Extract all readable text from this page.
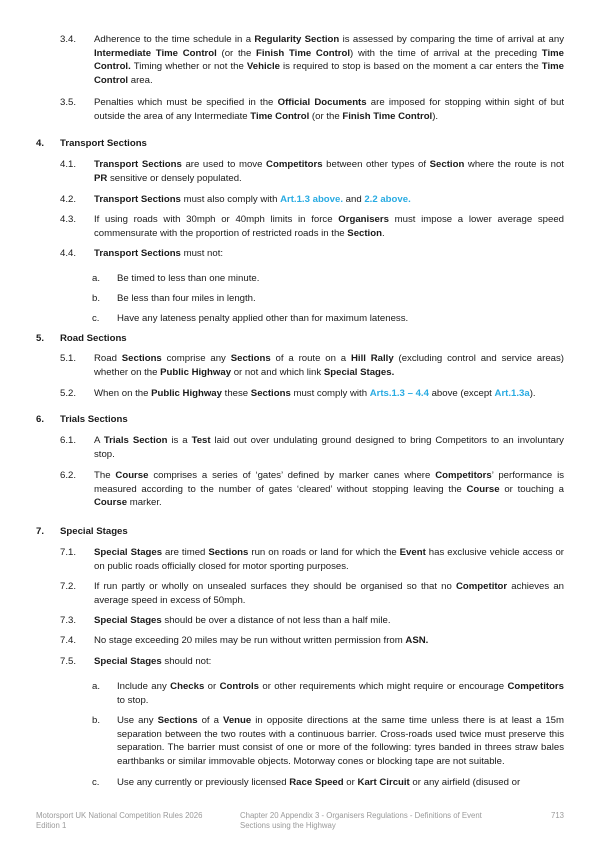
3.4. Adherence to the time schedule in a Regularity Section is assessed by comparing the time of arrival at any Intermediate Time Control (or the Finish Time Control) with the time of arrival at the preceding Time Control. Timing whether or not the Vehicle is required to stop is based on the moment a car enters the Time Control area.
3.5. Penalties which must be specified in the Official Documents are imposed for stopping within sight of but outside the area of any Intermediate Time Control (or the Finish Time Control).
4. Transport Sections
4.1. Transport Sections are used to move Competitors between other types of Section where the route is not PR sensitive or densely populated.
4.2. Transport Sections must also comply with Art.1.3 above. and 2.2 above.
4.3. If using roads with 30mph or 40mph limits in force Organisers must impose a lower average speed commensurate with the proportion of restricted roads in the Section.
4.4. Transport Sections must not:
a. Be timed to less than one minute.
b. Be less than four miles in length.
c. Have any lateness penalty applied other than for maximum lateness.
5. Road Sections
5.1. Road Sections comprise any Sections of a route on a Hill Rally (excluding control and service areas) whether on the Public Highway or not and which link Special Stages.
5.2. When on the Public Highway these Sections must comply with Arts.1.3 – 4.4 above (except Art.1.3a).
6. Trials Sections
6.1. A Trials Section is a Test laid out over undulating ground designed to bring Competitors to an involuntary stop.
6.2. The Course comprises a series of ‘gates’ defined by marker canes where Competitors’ performance is measured according to the number of gates ‘cleared’ without stopping leaving the Course or touching a Course marker.
7. Special Stages
7.1. Special Stages are timed Sections run on roads or land for which the Event has exclusive vehicle access or on public roads officially closed for motor sporting purposes.
7.2. If run partly or wholly on unsealed surfaces they should be organised so that no Competitor achieves an average speed in excess of 50mph.
7.3. Special Stages should be over a distance of not less than a half mile.
7.4. No stage exceeding 20 miles may be run without written permission from ASN.
7.5. Special Stages should not:
a. Include any Checks or Controls or other requirements which might require or encourage Competitors to stop.
b. Use any Sections of a Venue in opposite directions at the same time unless there is at least a 15m separation between the two routes with a continuous barrier. Cross-roads used twice must preserve this separation. The barrier must consist of one or more of the following: tyres banded in threes straw bales earthbanks or similar immovable objects. Motorway cones or blocking tape are not suitable.
c. Use any currently or previously licensed Race Speed or Kart Circuit or any airfield (disused or
Motorsport UK National Competition Rules 2026
Edition 1
Chapter 20 Appendix 3 - Organisers Regulations - Definitions of Event
Sections using the Highway
713
